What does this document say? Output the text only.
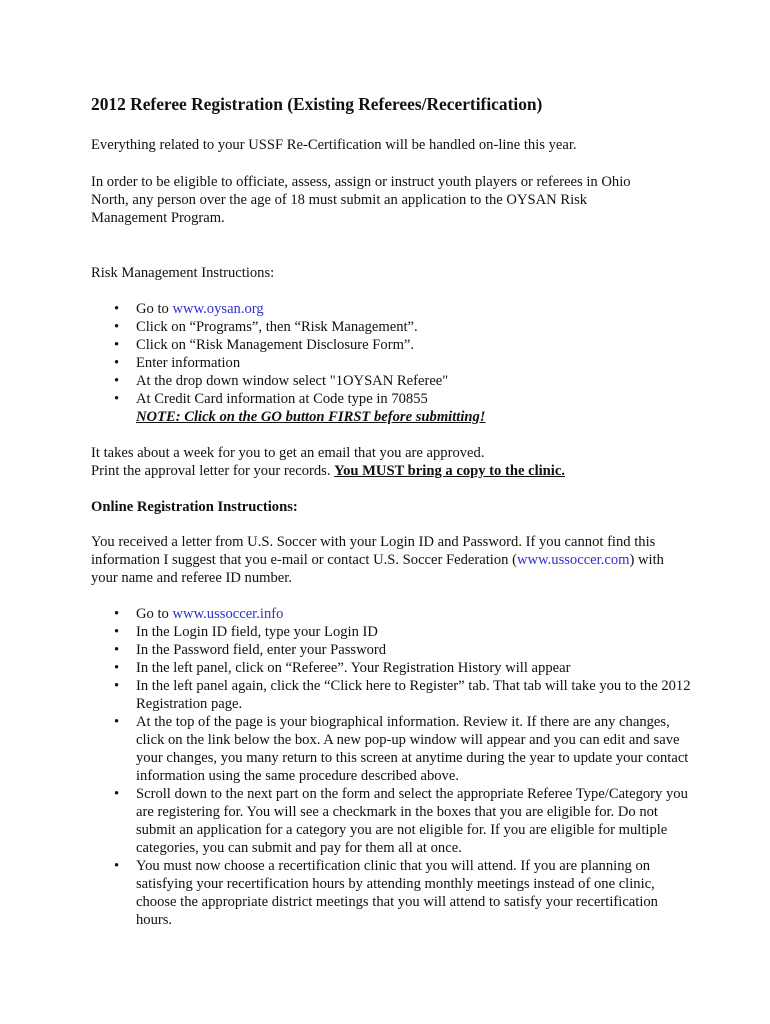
2012 Referee Registration (Existing Referees/Recertification)

Everything related to your USSF Re-Certification will be handled on-line this year.

In order to be eligible to officiate, assess, assign or instruct youth players or referees in Ohio North, any person over the age of 18 must submit an application to the OYSAN Risk Management Program.

Risk Management Instructions:

• Go to www.oysan.org
• Click on “Programs”, then “Risk Management”.
• Click on “Risk Management Disclosure Form”.
• Enter information
• At the drop down window select "1OYSAN Referee"
• At Credit Card information at Code type in 70855
NOTE: Click on the GO button FIRST before submitting!

It takes about a week for you to get an email that you are approved.
Print the approval letter for your records. You MUST bring a copy to the clinic.

Online Registration Instructions:

You received a letter from U.S. Soccer with your Login ID and Password. If you cannot find this information I suggest that you e-mail or contact U.S. Soccer Federation (www.ussoccer.com) with your name and referee ID number.

• Go to www.ussoccer.info
• In the Login ID field, type your Login ID
• In the Password field, enter your Password
• In the left panel, click on “Referee”. Your Registration History will appear
• In the left panel again, click the “Click here to Register” tab. That tab will take you to the 2012 Registration page.
• At the top of the page is your biographical information. Review it. If there are any changes, click on the link below the box. A new pop-up window will appear and you can edit and save your changes, you many return to this screen at anytime during the year to update your contact information using the same procedure described above.
• Scroll down to the next part on the form and select the appropriate Referee Type/Category you are registering for. You will see a checkmark in the boxes that you are eligible for. Do not submit an application for a category you are not eligible for. If you are eligible for multiple categories, you can submit and pay for them all at once.
• You must now choose a recertification clinic that you will attend. If you are planning on satisfying your recertification hours by attending monthly meetings instead of one clinic, choose the appropriate district meetings that you will attend to satisfy your recertification hours.
